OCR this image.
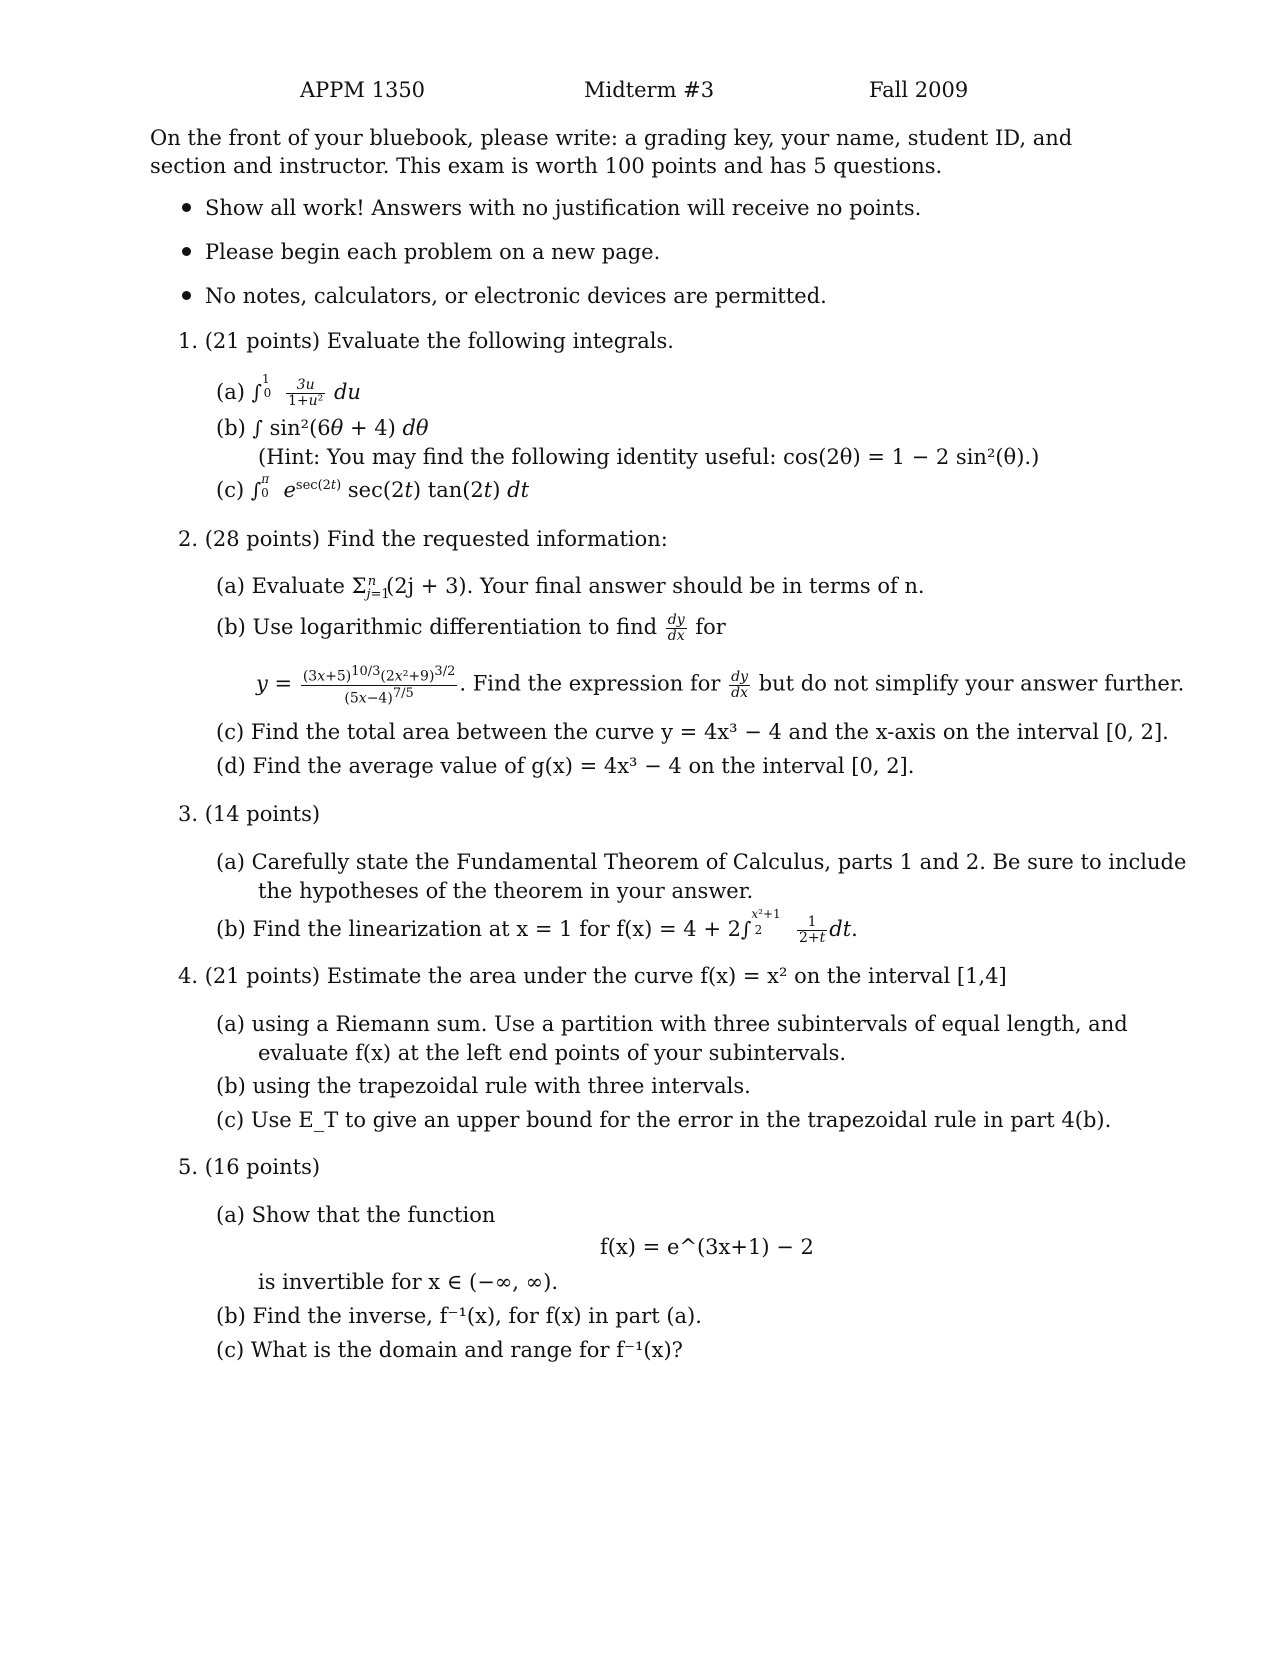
APPM 1350	Midterm #3	Fall 2009
On the front of your bluebook, please write: a grading key, your name, student ID, and section and instructor. This exam is worth 100 points and has 5 questions.
Show all work! Answers with no justification will receive no points.
Please begin each problem on a new page.
No notes, calculators, or electronic devices are permitted.
1. (21 points) Evaluate the following integrals.
(a) $\int^{10} \frac{3u}{\text{1+u²}}$ du
(b) ∫ sin²(6θ + 4) dθ
(Hint: You may find the following identity useful: cos(2θ) = 1 − 2 sin²(θ).)
(c) ∫$^{\pi 0}$ $e^{sec(2t)}$ sec(2t) tan(2t) dt
2. (28 points) Find the requested information:
(a) Evaluate $\Sigma_{j=1}^n$ (2j + 3). Your final answer should be in terms of n.
(b) Use logarithmic differentiation to find $\frac{dy}{dx}$ for
$y = \frac{(3x+5)^{10/3}(2x^2+9)^{3/2}}{(5x-4)^{7/5}}$ . Find the expression for $\frac{dy}{dx}$ but do not simplify your answer further.
(c) Find the total area between the curve y = 4x³ − 4 and the x-axis on the interval [0, 2].
(d) Find the average value of g(x) = 4x³ − 4 on the interval [0, 2].
3. (14 points)
(a) Carefully state the Fundamental Theorem of Calculus, parts 1 and 2. Be sure to include
the hypotheses of the theorem in your answer.
(b) Find the linearization at x = 1 for $f(x) = 4 + 2\int^{x^2+12} \frac{1}{2+t}$ dt.
4. (21 points) Estimate the area under the curve f(x) = x² on the interval [1,4]
(a) using a Riemann sum. Use a partition with three subintervals of equal length, and
evaluate f(x) at the left end points of your subintervals.
(b) using the trapezoidal rule with three intervals.
(c) Use E_T to give an upper bound for the error in the trapezoidal rule in part 4(b).
5. (16 points)
(a) Show that the function
f(x) = e^(3x+1) − 2
is invertible for x ∈ (−∞, ∞).
(b) Find the inverse, f⁻¹(x), for f(x) in part (a).
(c) What is the domain and range for f⁻¹(x)?
